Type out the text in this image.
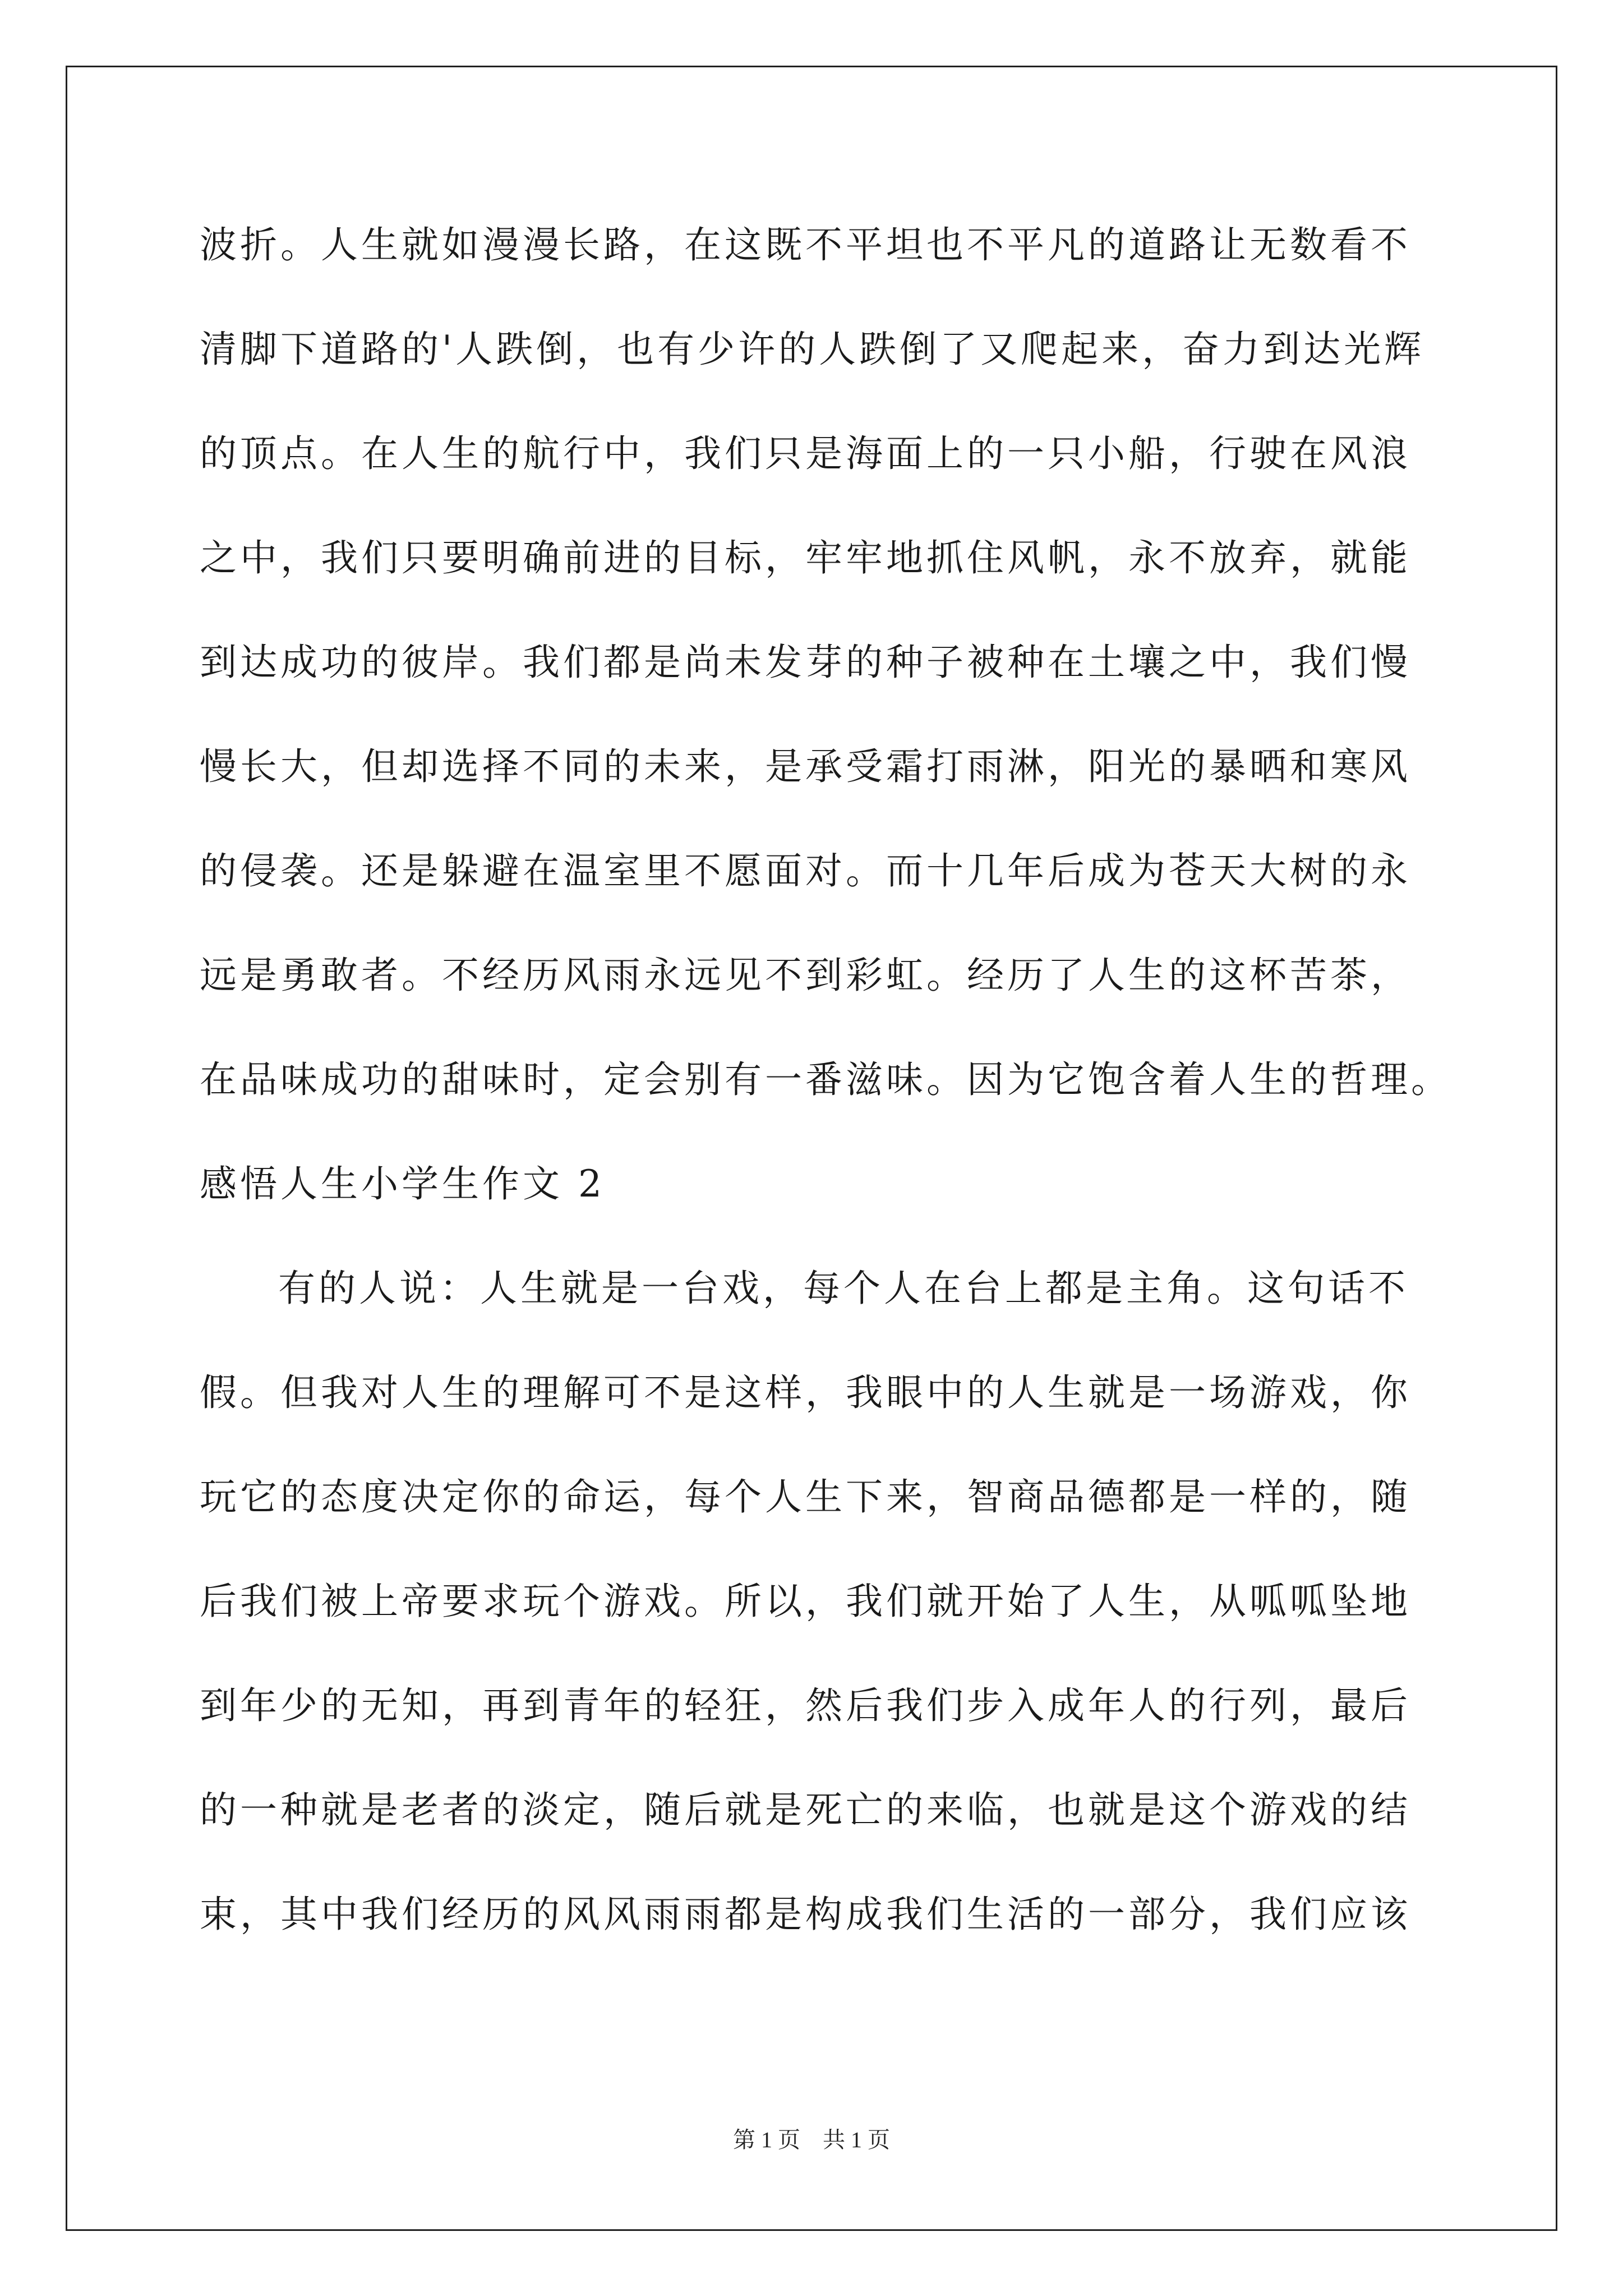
波折。人生就如漫漫长路，在这既不平坦也不平凡的道路让无数看不
清脚下道路的'人跌倒，也有少许的人跌倒了又爬起来，奋力到达光辉
的顶点。在人生的航行中，我们只是海面上的一只小船，行驶在风浪
之中，我们只要明确前进的目标，牢牢地抓住风帆，永不放弃，就能
到达成功的彼岸。我们都是尚未发芽的种子被种在土壤之中，我们慢
慢长大，但却选择不同的未来，是承受霜打雨淋，阳光的暴晒和寒风
的侵袭。还是躲避在温室里不愿面对。而十几年后成为苍天大树的永
远是勇敢者。不经历风雨永远见不到彩虹。经历了人生的这杯苦茶，
在品味成功的甜味时，定会别有一番滋味。因为它饱含着人生的哲理。
感悟人生小学生作文 2
有的人说：人生就是一台戏，每个人在台上都是主角。这句话不
假。但我对人生的理解可不是这样，我眼中的人生就是一场游戏，你
玩它的态度决定你的命运，每个人生下来，智商品德都是一样的，随
后我们被上帝要求玩个游戏。所以，我们就开始了人生，从呱呱坠地
到年少的无知，再到青年的轻狂，然后我们步入成年人的行列，最后
的一种就是老者的淡定，随后就是死亡的来临，也就是这个游戏的结
束，其中我们经历的风风雨雨都是构成我们生活的一部分，我们应该
第 1 页　共 1 页
